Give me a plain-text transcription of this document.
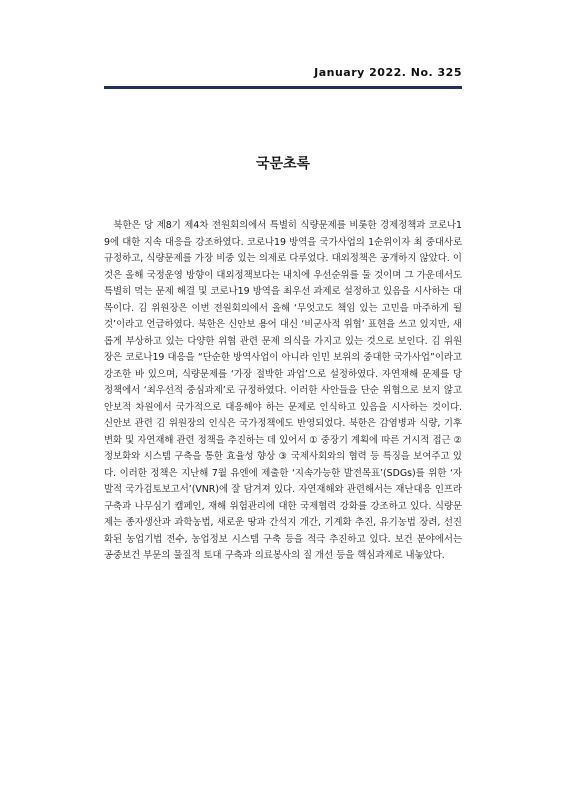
January 2022. No. 325
국문초록

북한은 당 제8기 제4차 전원회의에서 특별히 식량문제를 비롯한 경제정책과 코로나19에 대한 지속 대응을 강조하였다. 코로나19 방역을 국가사업의 1순위이자 최 중대사로 규정하고, 식량문제를 가장 비중 있는 의제로 다루었다. 대외정책은 공개하지 않았다. 이것은 올해 국정운영 방향이 대외정책보다는 내치에 우선순위를 둘 것이며 그 가운데서도 특별히 먹는 문제 해결 및 코로나19 방역을 최우선 과제로 설정하고 있음을 시사하는 대목이다. 김 위원장은 이번 전원회의에서 올해 ‘무엇고도 책임 있는 고민을 마주하게 될 것’이라고 언급하였다. 북한은 신안보 용어 대신 ‘비군사적 위협’ 표현을 쓰고 있지만, 새롭게 부상하고 있는 다양한 위협 관련 문제 의식을 가지고 있는 것으로 보인다. 김 위원장은 코로나19 대응을 “단순한 방역사업이 아니라 인민 보위의 중대한 국가사업”이라고 강조한 바 있으며, 식량문제를 ‘가장 절박한 과업’으로 설정하였다. 자연재해 문제를 당 정책에서 ‘최우선적 중심과제’로 규정하였다. 이러한 사안들을 단순 위협으로 보지 않고 안보적 차원에서 국가적으로 대응해야 하는 문제로 인식하고 있음을 시사하는 것이다. 신안보 관련 김 위원장의 인식은 국가정책에도 반영되었다. 북한은 감염병과 식량, 기후변화 및 자연재해 관련 정책을 추진하는 데 있어서 ① 중장기 계획에 따른 거시적 접근 ② 정보화와 시스템 구축을 통한 효율성 향상 ③ 국제사회와의 협력 등 특징을 보여주고 있다. 이러한 정책은 지난해 7월 유엔에 제출한 ‘지속가능한 발전목표’(SDGs)를 위한 ‘자발적 국가검토보고서’(VNR)에 잘 담겨져 있다. 자연재해와 관련해서는 재난대응 인프라 구축과 나무심기 캠페인, 재해 위험관리에 대한 국제협력 강화를 강조하고 있다. 식량문제는 종자생산과 과학농법, 새로운 땅과 간석지 개간, 기계화 추진, 유기농법 장려, 선진화된 농업기법 전수, 농업정보 시스템 구축 등을 적극 추진하고 있다. 보건 분야에서는 공중보건 부문의 물질적 토대 구축과 의료봉사의 질 개선 등을 핵심과제로 내놓았다.
